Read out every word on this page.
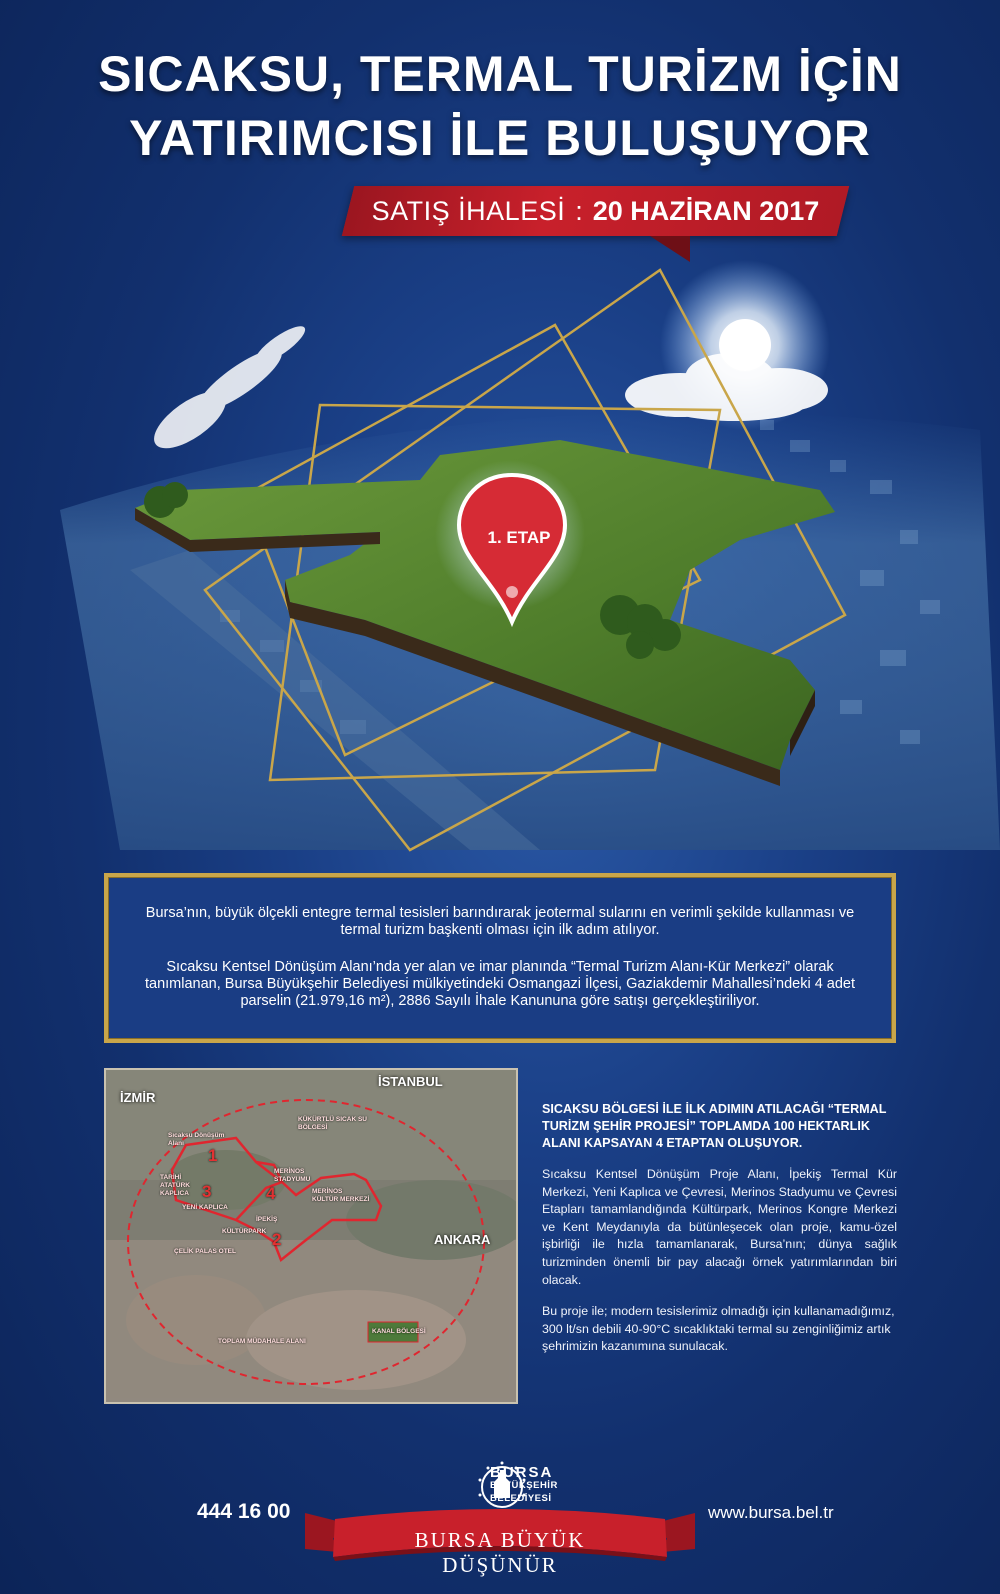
SICAKSU, TERMAL TURİZM İÇİN
YATIRIMCISI İLE BULUŞUYOR
SATIŞ İHALESİ : 20 HAZİRAN 2017
1. ETAP

Bursa’nın, büyük ölçekli entegre termal tesisleri barındırarak jeotermal sularını en verimli şekilde kullanması ve termal turizm başkenti olması için ilk adım atılıyor.

Sıcaksu Kentsel Dönüşüm Alanı’nda yer alan ve imar planında “Termal Turizm Alanı-Kür Merkezi” olarak tanımlanan, Bursa Büyükşehir Belediyesi mülkiyetindeki Osmangazi İlçesi, Gaziakdemir Mahallesi’ndeki 4 adet parselin (21.979,16 m²), 2886 Sayılı İhale Kanununa göre satışı gerçekleştiriliyor.

İZMİR
İSTANBUL
ANKARA
KÜKÜRTLÜ SICAK SU BÖLGESİ
Sıcaksu Dönüşüm Alanı
MERİNOS STADYUMU
MERİNOS KÜLTÜR MERKEZİ
TARİHİ ATATÜRK KAPLICA
YENİ KAPLICA
İPEKİŞ
KÜLTÜRPARK
ÇELİK PALAS OTEL
TOPLAM MÜDAHALE ALANI
KANAL BÖLGESİ
1
2
3	4
SICAKSU BÖLGESİ İLE İLK ADIMIN ATILACAĞI “TERMAL TURİZM ŞEHİR PROJESİ” TOPLAMDA 100 HEKTARLIK ALANI KAPSAYAN 4 ETAPTAN OLUŞUYOR.

Sıcaksu Kentsel Dönüşüm Proje Alanı, İpekiş Termal Kür Merkezi, Yeni Kaplıca ve Çevresi, Merinos Stadyumu ve Çevresi Etapları tamamlandığında Kültürpark, Merinos Kongre Merkezi ve Kent Meydanıyla da bütünleşecek olan proje, kamu-özel işbirliği ile hızla tamamlanarak, Bursa’nın; dünya sağlık turizminden önemli bir pay alacağı örnek yatırımlarından biri olacak.

Bu proje ile; modern tesislerimiz olmadığı için kullanamadığımız, 300 lt/sn debili 40-90°C sıcaklıktaki termal su zenginliğimiz artık şehrimizin kazanımına sunulacak.

444 16 00	www.bursa.bel.tr
BURSA BÜYÜK DÜŞÜNÜR
BURSA
BÜYÜKŞEHİR
BELEDİYESİ
